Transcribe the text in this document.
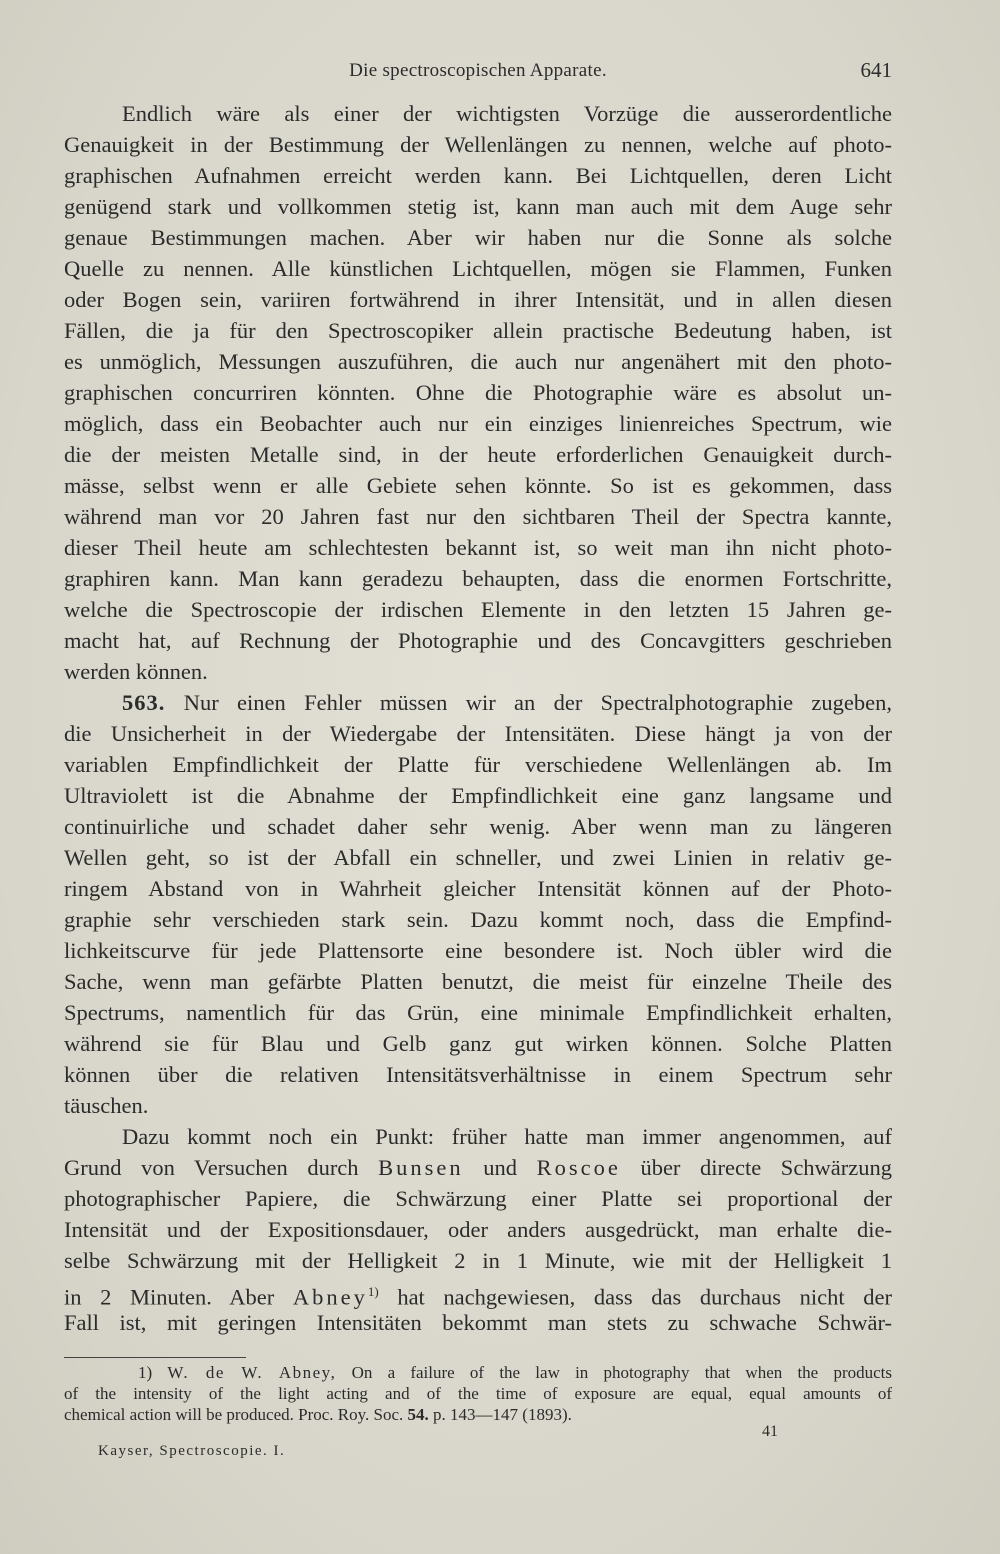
Die spectroscopischen Apparate.	641
Endlich wäre als einer der wichtigsten Vorzüge die ausserordentliche
Genauigkeit in der Bestimmung der Wellenlängen zu nennen, welche auf photo-
graphischen Aufnahmen erreicht werden kann. Bei Lichtquellen, deren Licht
genügend stark und vollkommen stetig ist, kann man auch mit dem Auge sehr
genaue Bestimmungen machen. Aber wir haben nur die Sonne als solche
Quelle zu nennen. Alle künstlichen Lichtquellen, mögen sie Flammen, Funken
oder Bogen sein, variiren fortwährend in ihrer Intensität, und in allen diesen
Fällen, die ja für den Spectroscopiker allein practische Bedeutung haben, ist
es unmöglich, Messungen auszuführen, die auch nur angenähert mit den photo-
graphischen concurriren könnten. Ohne die Photographie wäre es absolut un-
möglich, dass ein Beobachter auch nur ein einziges linienreiches Spectrum, wie
die der meisten Metalle sind, in der heute erforderlichen Genauigkeit durch-
mässe, selbst wenn er alle Gebiete sehen könnte. So ist es gekommen, dass
während man vor 20 Jahren fast nur den sichtbaren Theil der Spectra kannte,
dieser Theil heute am schlechtesten bekannt ist, so weit man ihn nicht photo-
graphiren kann. Man kann geradezu behaupten, dass die enormen Fortschritte,
welche die Spectroscopie der irdischen Elemente in den letzten 15 Jahren ge-
macht hat, auf Rechnung der Photographie und des Concavgitters geschrieben
werden können.
563. Nur einen Fehler müssen wir an der Spectralphotographie zugeben,
die Unsicherheit in der Wiedergabe der Intensitäten. Diese hängt ja von der
variablen Empfindlichkeit der Platte für verschiedene Wellenlängen ab. Im
Ultraviolett ist die Abnahme der Empfindlichkeit eine ganz langsame und
continuirliche und schadet daher sehr wenig. Aber wenn man zu längeren
Wellen geht, so ist der Abfall ein schneller, und zwei Linien in relativ ge-
ringem Abstand von in Wahrheit gleicher Intensität können auf der Photo-
graphie sehr verschieden stark sein. Dazu kommt noch, dass die Empfind-
lichkeitscurve für jede Plattensorte eine besondere ist. Noch übler wird die
Sache, wenn man gefärbte Platten benutzt, die meist für einzelne Theile des
Spectrums, namentlich für das Grün, eine minimale Empfindlichkeit erhalten,
während sie für Blau und Gelb ganz gut wirken können. Solche Platten
können über die relativen Intensitätsverhältnisse in einem Spectrum sehr
täuschen.
Dazu kommt noch ein Punkt: früher hatte man immer angenommen, auf
Grund von Versuchen durch Bunsen und Roscoe über directe Schwärzung
photographischer Papiere, die Schwärzung einer Platte sei proportional der
Intensität und der Expositionsdauer, oder anders ausgedrückt, man erhalte die-
selbe Schwärzung mit der Helligkeit 2 in 1 Minute, wie mit der Helligkeit 1
in 2 Minuten. Aber Abney$^{1)}$ hat nachgewiesen, dass das durchaus nicht der
Fall ist, mit geringen Intensitäten bekommt man stets zu schwache Schwär-
1) W. de W. Abney, On a failure of the law in photography that when the products
of the intensity of the light acting and of the time of exposure are equal, equal amounts of
chemical action will be produced. Proc. Roy. Soc. 54. p. 143—147 (1893).
41
Kayser, Spectroscopie. I.
